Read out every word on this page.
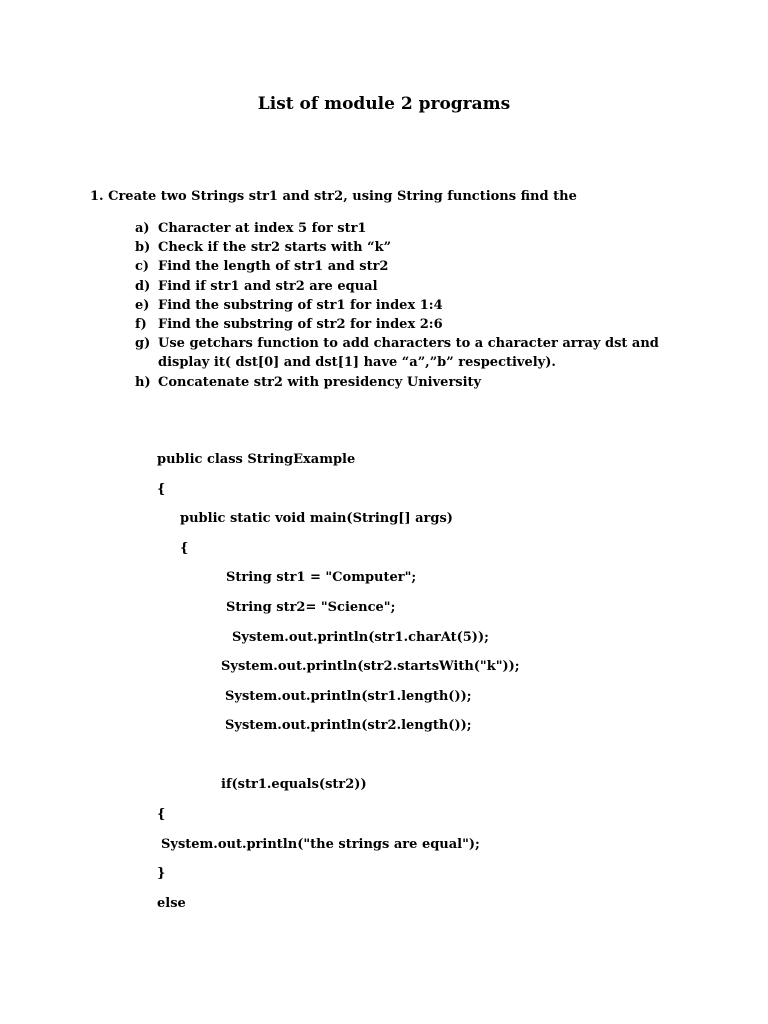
List of module 2 programs
1. Create two Strings str1 and str2, using String functions find the
a) Character at index 5 for str1
b) Check if the str2 starts with “k”
c) Find the length of str1 and str2
d) Find if str1 and str2 are equal
e) Find the substring of str1 for index 1:4
f) Find the substring of str2 for index 2:6
g) Use getchars function to add characters to a character array dst and display it( dst[0] and dst[1] have “a”,”b” respectively).
h) Concatenate str2 with presidency University
public class StringExample
{
public static void main(String[] args)
{
String str1 = "Computer";
String str2= "Science";
System.out.println(str1.charAt(5));
System.out.println(str2.startsWith("k"));
System.out.println(str1.length());
System.out.println(str2.length());
if(str1.equals(str2))
{
System.out.println("the strings are equal");
}
else
